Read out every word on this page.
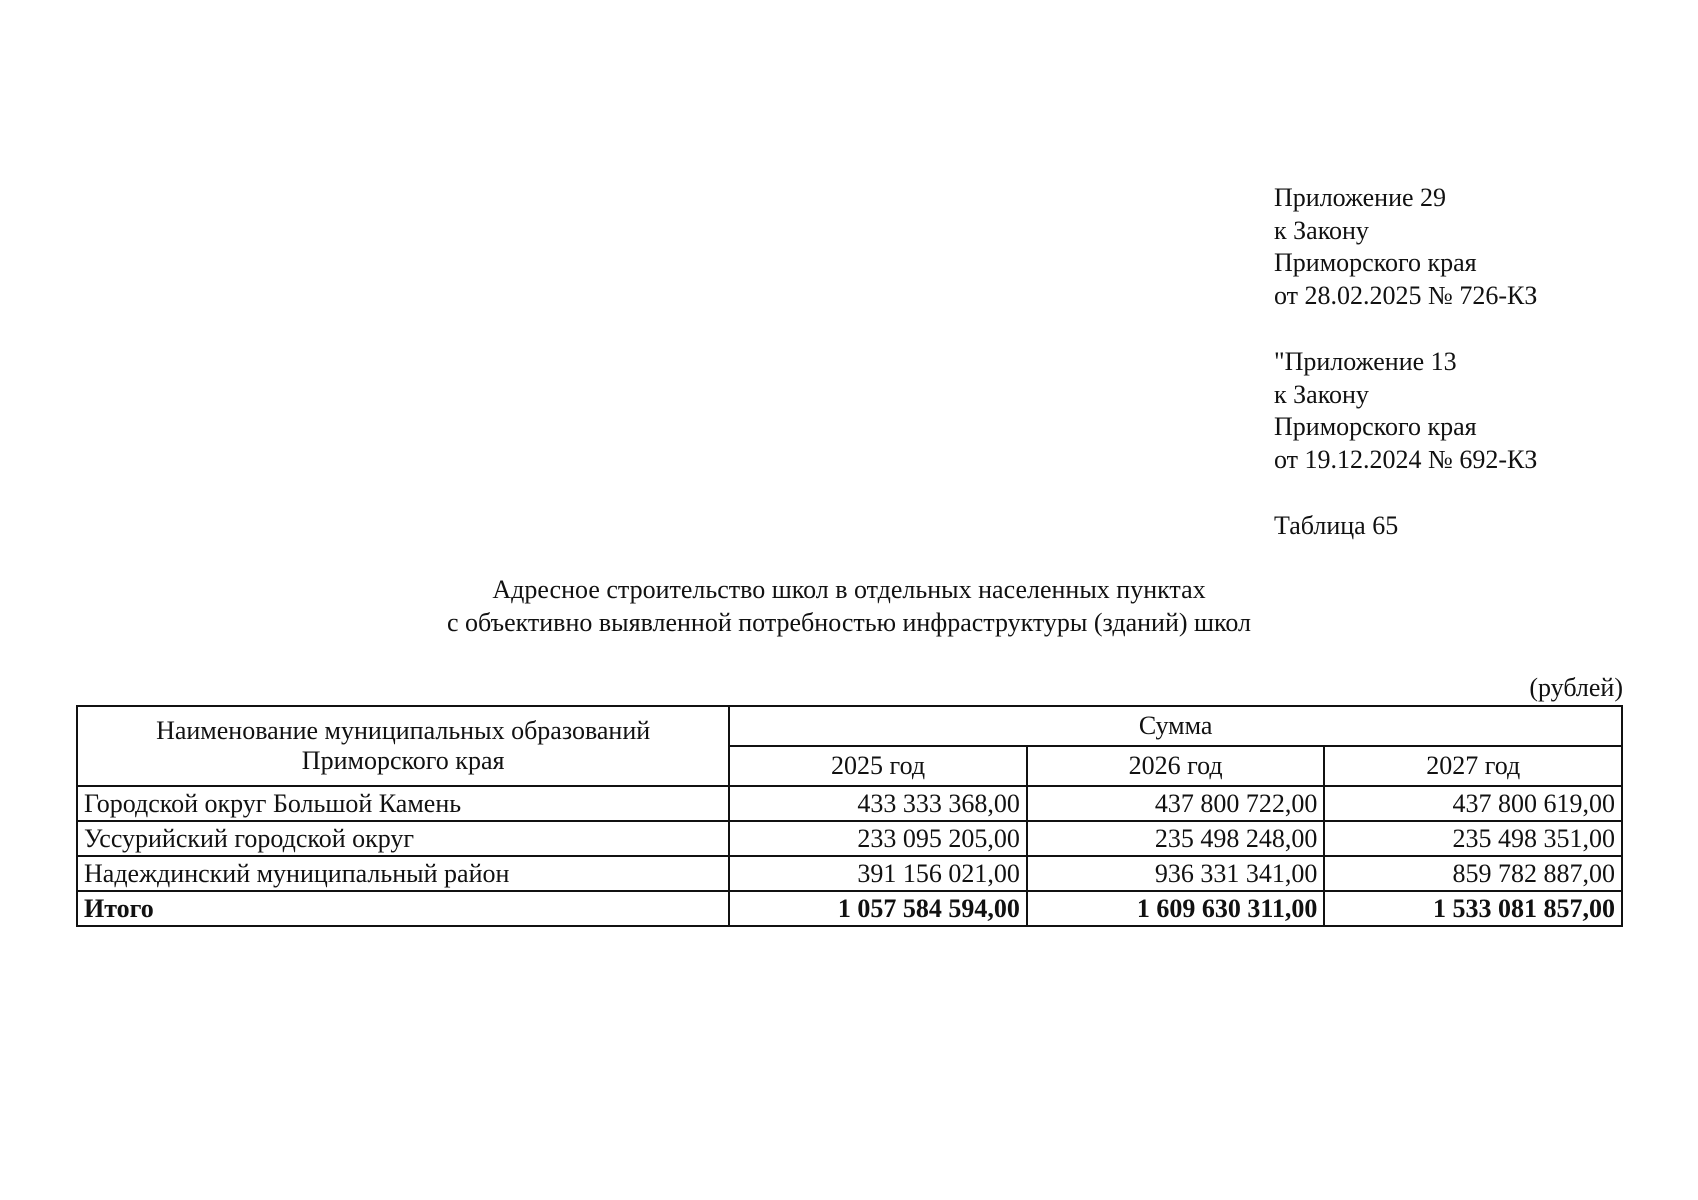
Приложение 29
к Закону
Приморского края
от 28.02.2025 № 726-КЗ
"Приложение 13
к Закону
Приморского края
от 19.12.2024 № 692-КЗ
Таблица 65
Адресное строительство школ в отдельных населенных пунктах
с объективно выявленной потребностью инфраструктуры (зданий) школ
(рублей)
Наименование муниципальных образований
Приморского края	Сумма		
	2025 год	2026 год	2027 год
Городской округ Большой Камень	433 333 368,00	437 800 722,00	437 800 619,00
Уссурийский городской округ	233 095 205,00	235 498 248,00	235 498 351,00
Надеждинский муниципальный район	391 156 021,00	936 331 341,00	859 782 887,00
Итого	1 057 584 594,00	1 609 630 311,00	1 533 081 857,00
